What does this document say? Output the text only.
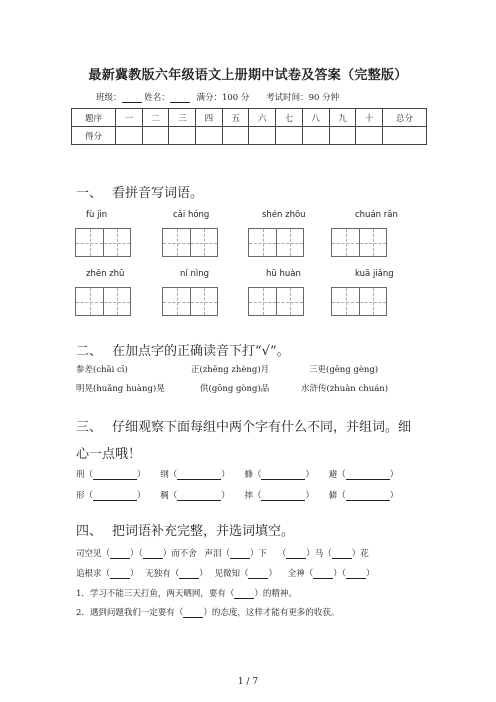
最新冀教版六年级语文上册期中试卷及答案（完整版）
班级：	姓名：	满分：100 分 考试时间：90 分钟
题序	一	二	三	四	五	六	七	八	九	十	总分
得分											
一、 看拼音写词语。
fù jìn	cǎi hóng	shén zhōu	chuán rǎn
zhēn zhū	ní nìng	hū huàn	kuā jiǎng
二、 在加点字的正确读音下打“√”。
参差(chāi cī)	正(zhēng zhèng)月	三更(gēng gèng)
明晃(huǎng huàng)晃	供(gōng gòng)品	水浒传(zhuàn chuán)
三、 仔细观察下面每组中两个字有什么不同，并组词。细
心一点哦！
刑（	） 纲（	） 蜂（	） 避（	）
形（	） 稠（	） 摔（	） 僻（	）
四、 把词语补充完整，并选词填空。
司空见（ ）（ ）而不舍 声泪（ ）下 （ ）马（ ）花
追根求（ ） 无独有（ ） 见微知（ ） 全神（ ）（ ）
1．学习不能三天打鱼，两天晒网，要有（ ）的精神。
2．遇到问题我们一定要有（ ）的态度，这样才能有更多的收获。
1 / 7
